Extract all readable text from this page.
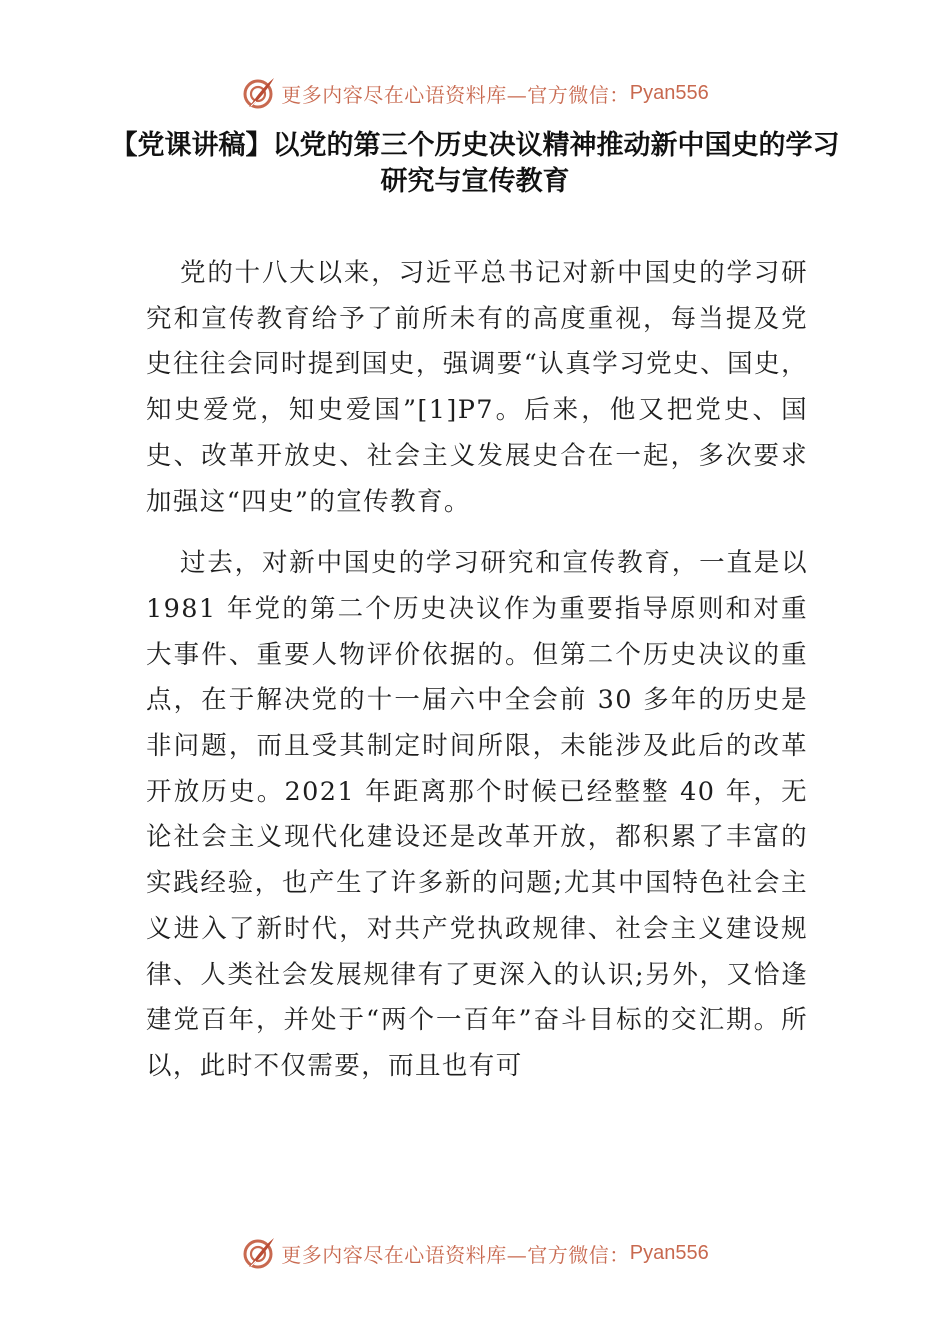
更多内容尽在心语资料库—官方微信： Pyan556
【党课讲稿】以党的第三个历史决议精神推动新中国史的学习研究与宣传教育

党的十八大以来，习近平总书记对新中国史的学习研究和宣传教育给予了前所未有的高度重视，每当提及党史往往会同时提到国史，强调要“认真学习党史、国史，知史爱党，知史爱国”[1]P7。后来，他又把党史、国史、改革开放史、社会主义发展史合在一起，多次要求加强这“四史”的宣传教育。

过去，对新中国史的学习研究和宣传教育，一直是以 1981 年党的第二个历史决议作为重要指导原则和对重大事件、重要人物评价依据的。但第二个历史决议的重点，在于解决党的十一届六中全会前 30 多年的历史是非问题，而且受其制定时间所限，未能涉及此后的改革开放历史。2021 年距离那个时候已经整整 40 年，无论社会主义现代化建设还是改革开放，都积累了丰富的实践经验，也产生了许多新的问题;尤其中国特色社会主义进入了新时代，对共产党执政规律、社会主义建设规律、人类社会发展规律有了更深入的认识;另外，又恰逢建党百年，并处于“两个一百年”奋斗目标的交汇期。所以，此时不仅需要，而且也有可

更多内容尽在心语资料库—官方微信： Pyan556
